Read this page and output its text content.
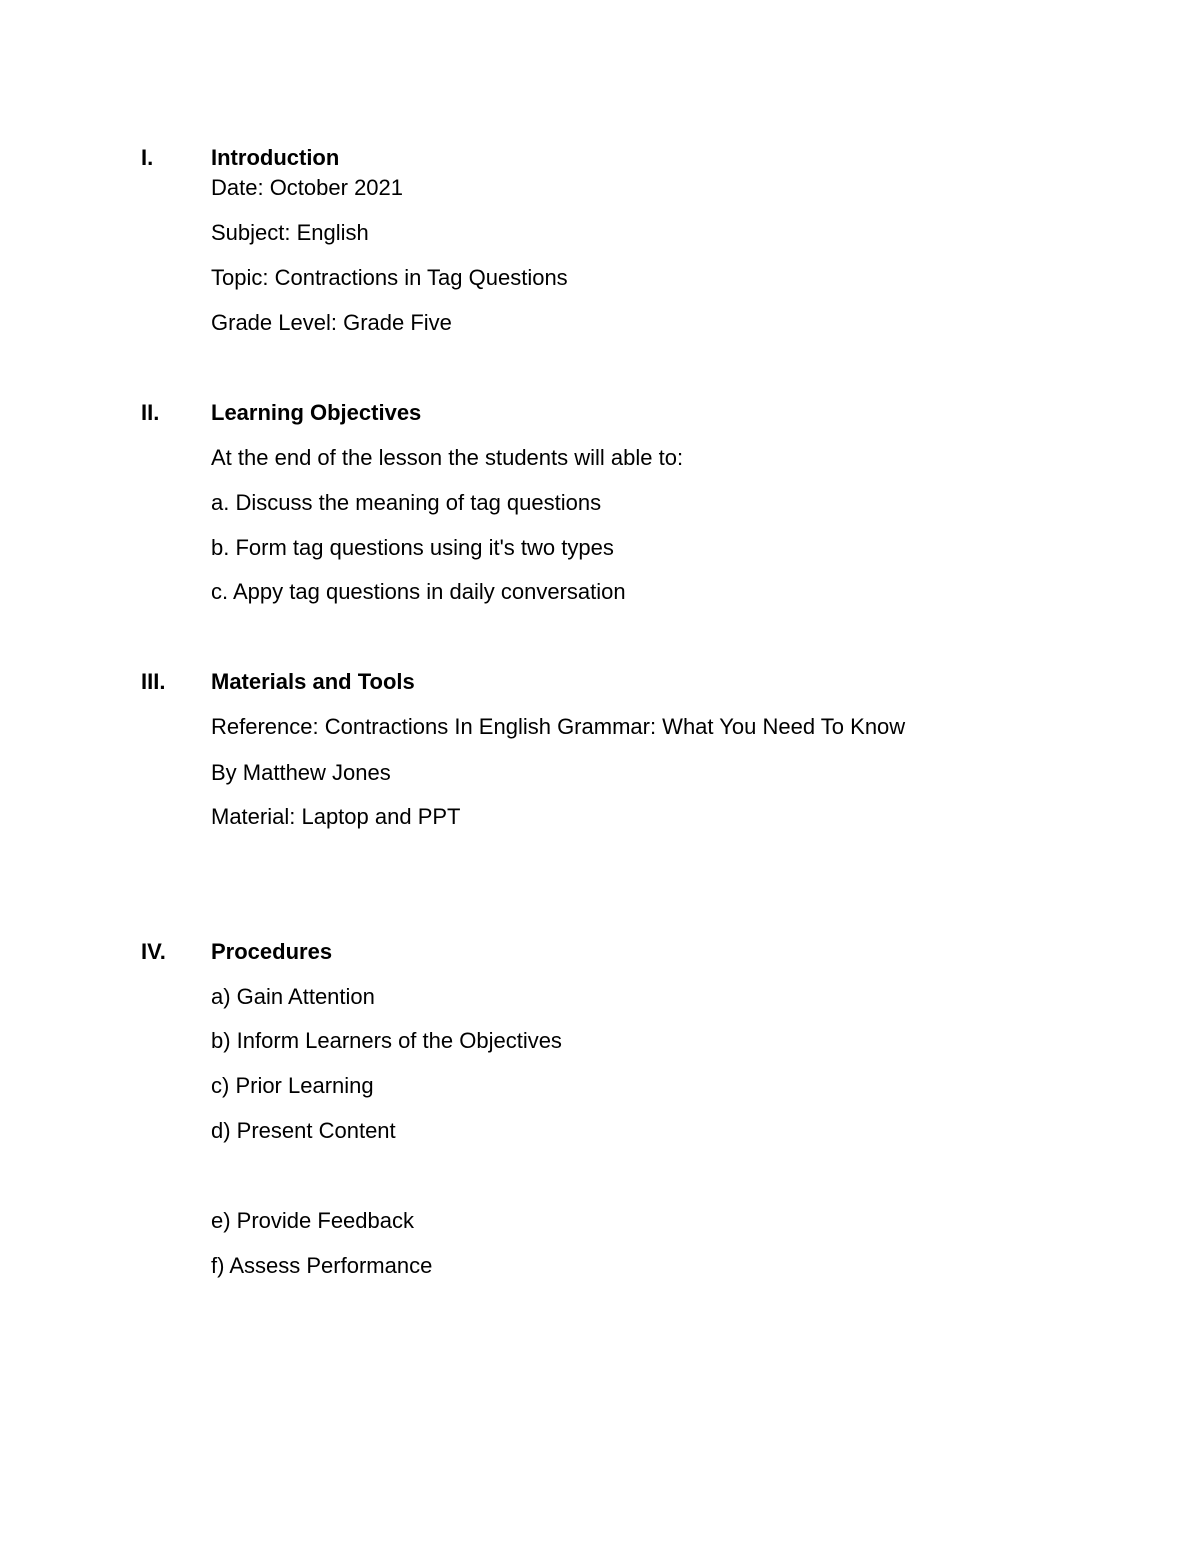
I.	Introduction
Date: October 2021
Subject: English
Topic: Contractions in Tag Questions
Grade Level: Grade Five
II. Learning Objectives
At the end of the lesson the students will able to:
a. Discuss the meaning of tag questions
b. Form tag questions using it's two types
c. Appy tag questions in daily conversation
III. Materials and Tools
Reference: Contractions In English Grammar: What You Need To Know
By Matthew Jones
Material: Laptop and PPT
IV. Procedures
a) Gain Attention
b) Inform Learners of the Objectives
c) Prior Learning
d) Present Content
e) Provide Feedback
f) Assess Performance
